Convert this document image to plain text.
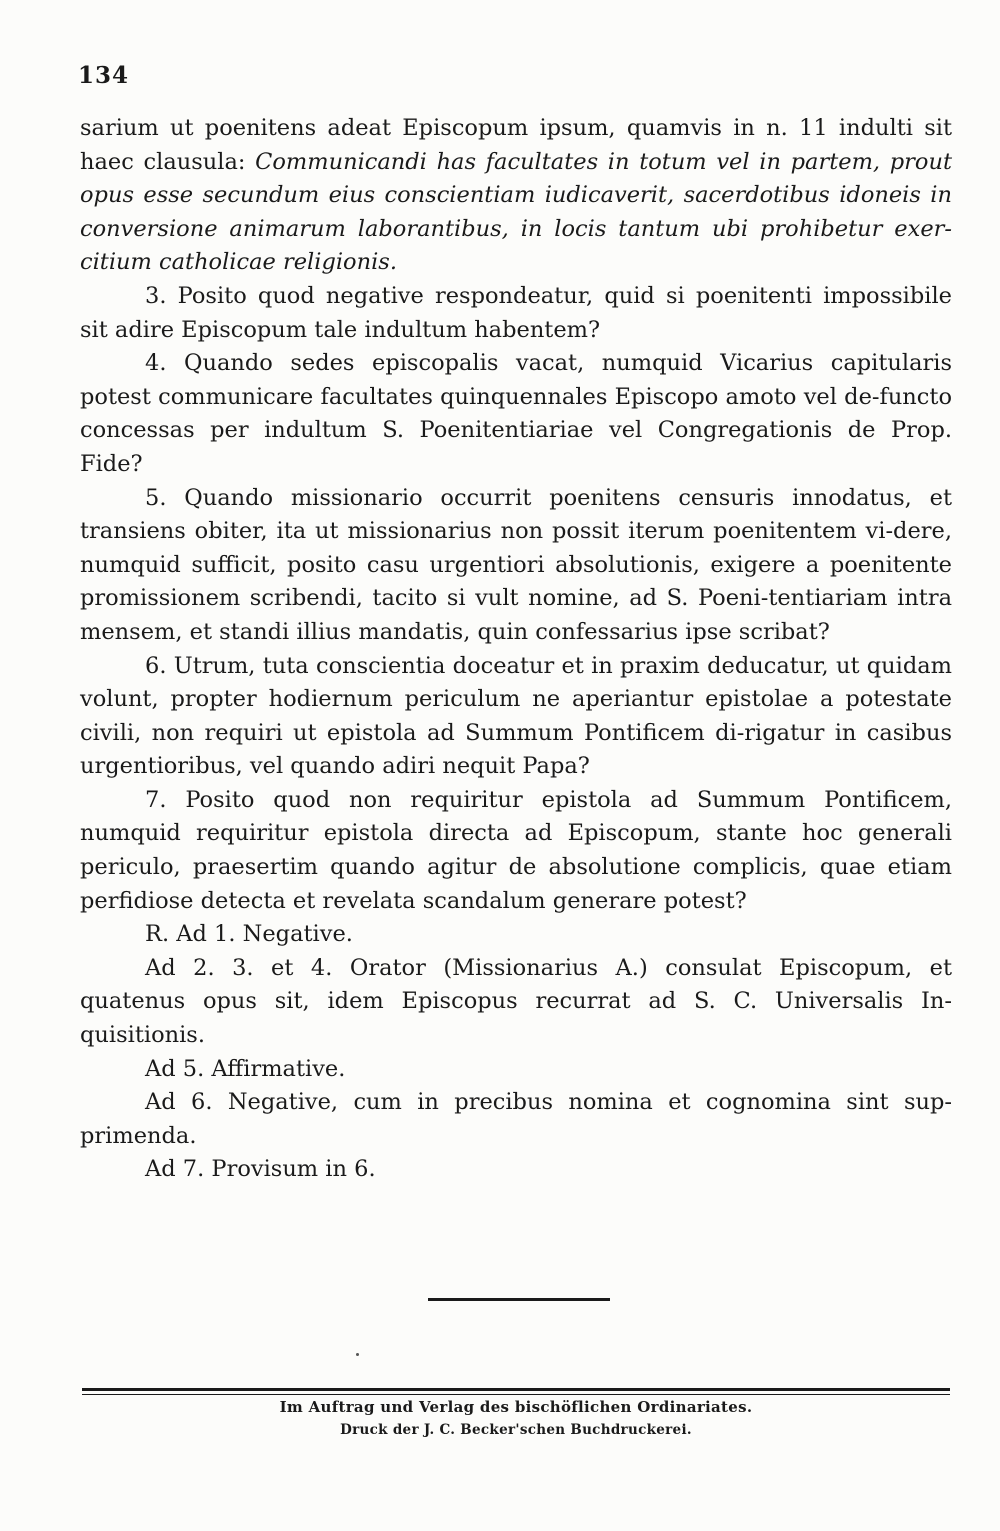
134

sarium ut poenitens adeat Episcopum ipsum, quamvis in n. 11 indulti sit haec clausula: Communicandi has facultates in totum vel in partem, prout opus esse secundum eius conscientiam iudicaverit, sacerdotibus idoneis in conversione animarum laborantibus, in locis tantum ubi prohibetur exer-citium catholicae religionis.

3. Posito quod negative respondeatur, quid si poenitenti impossibile sit adire Episcopum tale indultum habentem?

4. Quando sedes episcopalis vacat, numquid Vicarius capitularis potest communicare facultates quinquennales Episcopo amoto vel de-functo concessas per indultum S. Poenitentiariae vel Congregationis de Prop. Fide?

5. Quando missionario occurrit poenitens censuris innodatus, et transiens obiter, ita ut missionarius non possit iterum poenitentem vi-dere, numquid sufficit, posito casu urgentiori absolutionis, exigere a poenitente promissionem scribendi, tacito si vult nomine, ad S. Poeni-tentiariam intra mensem, et standi illius mandatis, quin confessarius ipse scribat?

6. Utrum, tuta conscientia doceatur et in praxim deducatur, ut quidam volunt, propter hodiernum periculum ne aperiantur epistolae a potestate civili, non requiri ut epistola ad Summum Pontificem di-rigatur in casibus urgentioribus, vel quando adiri nequit Papa?

7. Posito quod non requiritur epistola ad Summum Pontificem, numquid requiritur epistola directa ad Episcopum, stante hoc generali periculo, praesertim quando agitur de absolutione complicis, quae etiam perfidiose detecta et revelata scandalum generare potest?

R. Ad 1. Negative.

Ad 2. 3. et 4. Orator (Missionarius A.) consulat Episcopum, et quatenus opus sit, idem Episcopus recurrat ad S. C. Universalis In-quisitionis.

Ad 5. Affirmative.

Ad 6. Negative, cum in precibus nomina et cognomina sint sup-primenda.

Ad 7. Provisum in 6.

Im Auftrag und Verlag des bischöflichen Ordinariates.
Druck der J. C. Becker'schen Buchdruckerei.
